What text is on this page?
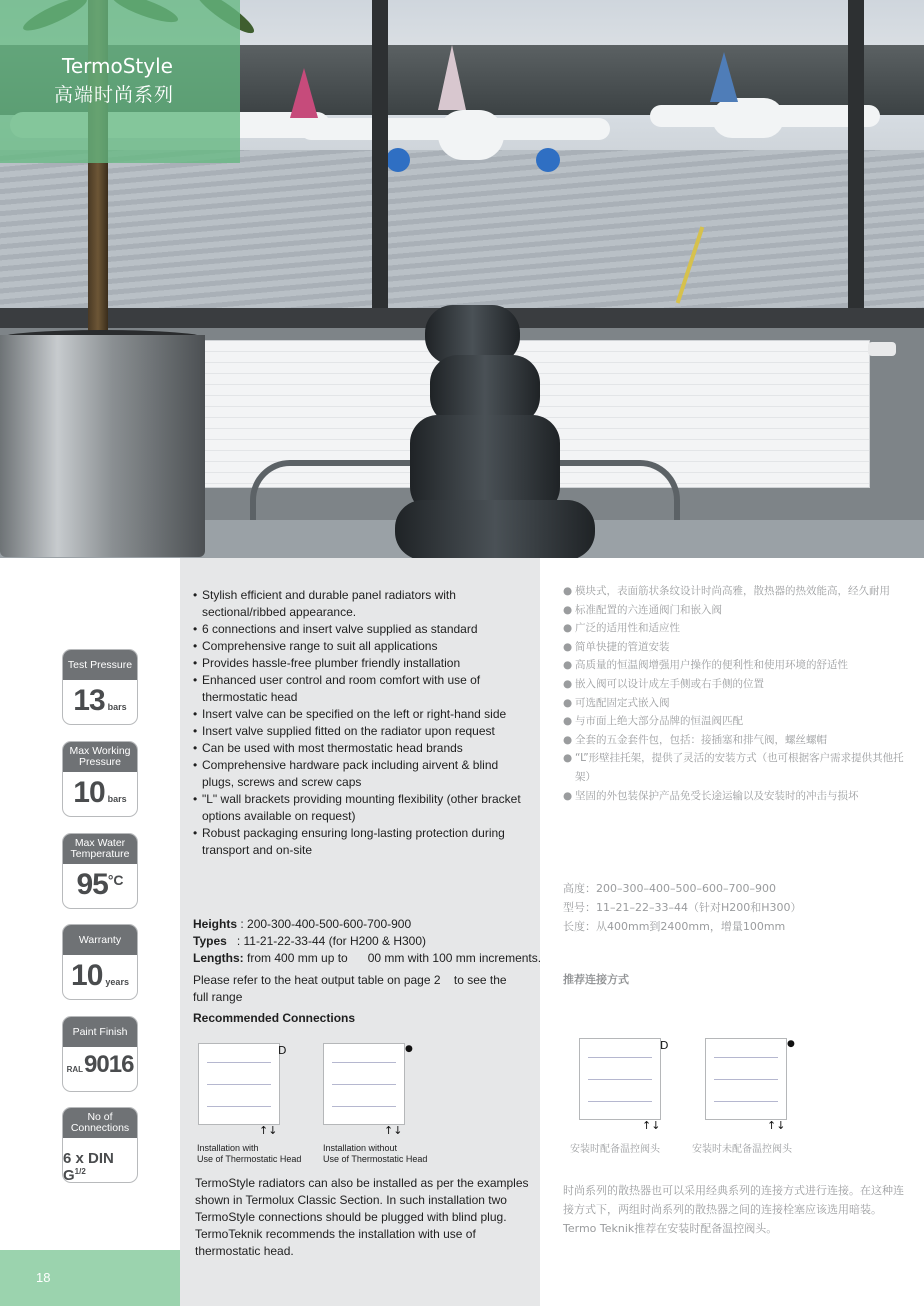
TermoStyle
高端时尚系列
Test Pressure
13 bars
Max Working Pressure
10 bars
Max Water Temperature
95 °C
Warranty
10 years
Paint Finish
RAL 9016
No of Connections
6 x DIN $G^{1/2}$
18
• Stylish efficient and durable panel radiators with sectional/ribbed appearance.
• 6 connections and insert valve supplied as standard
• Comprehensive range to suit all applications
• Provides hassle-free plumber friendly installation
• Enhanced user control and room comfort with use of thermostatic head
• Insert valve can be specified on the left or right-hand side
• Insert valve supplied fitted on the radiator upon request
• Can be used with most thermostatic head brands
• Comprehensive hardware pack including airvent & blind plugs, screws and screw caps
• "L" wall brackets providing mounting flexibility (other bracket options available on request)
• Robust packaging ensuring long-lasting protection during transport and on-site
Heights : 200-300-400-500-600-700-900
Types : 11-21-22-33-44 (for H200 & H300)
Lengths: from 400 mm up to      00 mm with 100 mm increments.
Please refer to the heat output table on page 2    to see the full range
Recommended Connections
D
↑↓
Installation with
Use of Thermostatic Head
●
↑↓
Installation without
Use of Thermostatic Head
TermoStyle radiators can also be installed as per the examples shown in Termolux Classic Section. In such installation two TermoStyle connections should be plugged with blind plug.
TermoTeknik recommends the installation with use of thermostatic head.
● 模块式，表面筋状条纹设计时尚高雅，散热器的热效能高，经久耐用
● 标准配置的六连通阀门和嵌入阀
● 广泛的适用性和适应性
● 简单快捷的管道安装
● 高质量的恒温阀增强用户操作的便利性和使用环境的舒适性
● 嵌入阀可以设计成左手侧或右手侧的位置
● 可选配固定式嵌入阀
● 与市面上绝大部分品牌的恒温阀匹配
● 全套的五金套件包，包括：接插塞和排气阀，螺丝螺帽
● “L”形壁挂托架，提供了灵活的安装方式（也可根据客户需求提供其他托架）
● 坚固的外包装保护产品免受长途运输以及安装时的冲击与损坏
高度：200–300–400–500–600–700–900
型号：11–21–22–33–44（针对H200和H300）
长度：从400mm到2400mm，增量100mm
推荐连接方式
D
↑↓
安装时配备温控阀头
●
↑↓
安装时未配备温控阀头
时尚系列的散热器也可以采用经典系列的连接方式进行连接。在这种连接方式下，两组时尚系列的散热器之间的连接栓塞应该选用暗装。
Termo Teknik推荐在安装时配备温控阀头。
